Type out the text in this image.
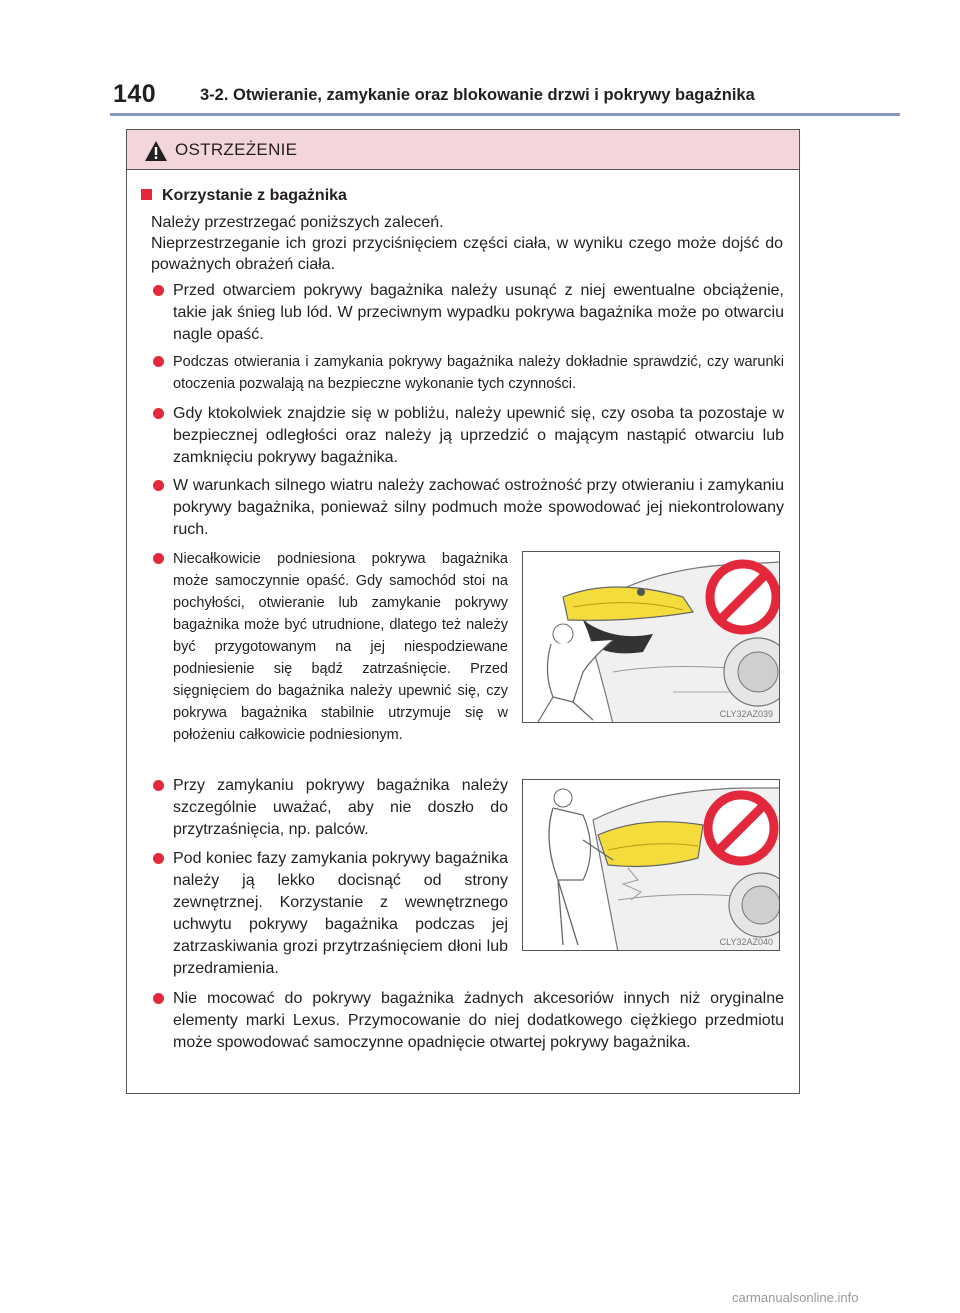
140	3-2. Otwieranie, zamykanie oraz blokowanie drzwi i pokrywy bagażnika
OSTRZEŻENIE
Korzystanie z bagażnika
Należy przestrzegać poniższych zaleceń.
Nieprzestrzeganie ich grozi przyciśnięciem części ciała, w wyniku czego może dojść do poważnych obrażeń ciała.
Przed otwarciem pokrywy bagażnika należy usunąć z niej ewentualne obciążenie, takie jak śnieg lub lód. W przeciwnym wypadku pokrywa bagażnika może po otwarciu nagle opaść.
Podczas otwierania i zamykania pokrywy bagażnika należy dokładnie sprawdzić, czy warunki otoczenia pozwalają na bezpieczne wykonanie tych czynności.
Gdy ktokolwiek znajdzie się w pobliżu, należy upewnić się, czy osoba ta pozostaje w bezpiecznej odległości oraz należy ją uprzedzić o mającym nastąpić otwarciu lub zamknięciu pokrywy bagażnika.
W warunkach silnego wiatru należy zachować ostrożność przy otwieraniu i zamykaniu pokrywy bagażnika, ponieważ silny podmuch może spowodować jej niekontrolowany ruch.
Niecałkowicie podniesiona pokrywa bagażnika może samoczynnie opaść. Gdy samochód stoi na pochyłości, otwieranie lub zamykanie pokrywy bagażnika może być utrudnione, dlatego też należy być przygotowanym na jej niespodziewane podniesienie się bądź zatrzaśnięcie. Przed sięgnięciem do bagażnika należy upewnić się, czy pokrywa bagażnika stabilnie utrzymuje się w położeniu całkowicie podniesionym.
Przy zamykaniu pokrywy bagażnika należy szczególnie uważać, aby nie doszło do przytrzaśnięcia, np. palców.
Pod koniec fazy zamykania pokrywy bagażnika należy ją lekko docisnąć od strony zewnętrznej. Korzystanie z wewnętrznego uchwytu pokrywy bagażnika podczas jej zatrzaskiwania grozi przytrzaśnięciem dłoni lub przedramienia.
Nie mocować do pokrywy bagażnika żadnych akcesoriów innych niż oryginalne elementy marki Lexus. Przymocowanie do niej dodatkowego ciężkiego przedmiotu może spowodować samoczynne opadnięcie otwartej pokrywy bagażnika.
CLY32AZ039
CLY32AZ040
carmanualsonline.info
